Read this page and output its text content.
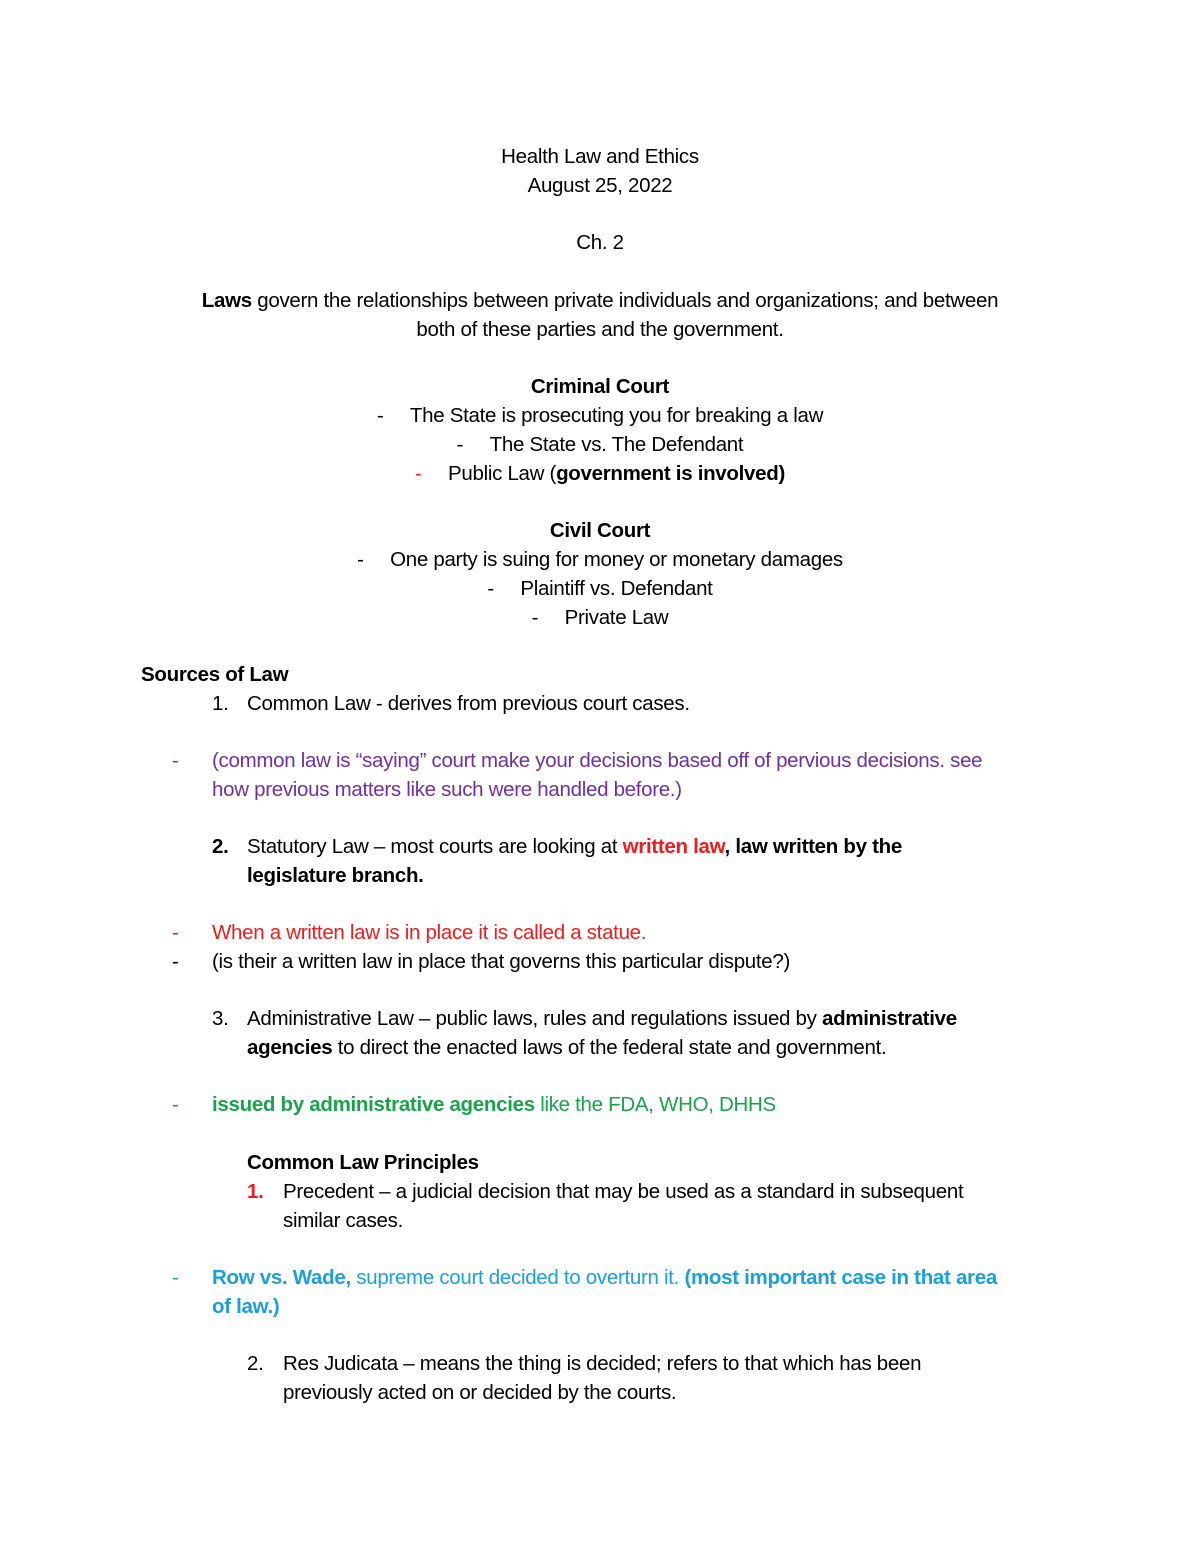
Health Law and Ethics
August 25, 2022
Ch. 2
Laws govern the relationships between private individuals and organizations; and between
both of these parties and the government.
Criminal Court
- The State is prosecuting you for breaking a law
- The State vs. The Defendant
- Public Law (government is involved)
Civil Court
- One party is suing for money or monetary damages
- Plaintiff vs. Defendant
- Private Law
Sources of Law
1. Common Law - derives from previous court cases.
- (common law is “saying” court make your decisions based off of pervious decisions. see
how previous matters like such were handled before.)
2. Statutory Law – most courts are looking at written law, law written by the
legislature branch.
- When a written law is in place it is called a statue.
- (is their a written law in place that governs this particular dispute?)
3. Administrative Law – public laws, rules and regulations issued by administrative
agencies to direct the enacted laws of the federal state and government.
- issued by administrative agencies like the FDA, WHO, DHHS
Common Law Principles
1. Precedent – a judicial decision that may be used as a standard in subsequent
similar cases.
- Row vs. Wade, supreme court decided to overturn it. (most important case in that area
of law.)
2. Res Judicata – means the thing is decided; refers to that which has been
previously acted on or decided by the courts.
